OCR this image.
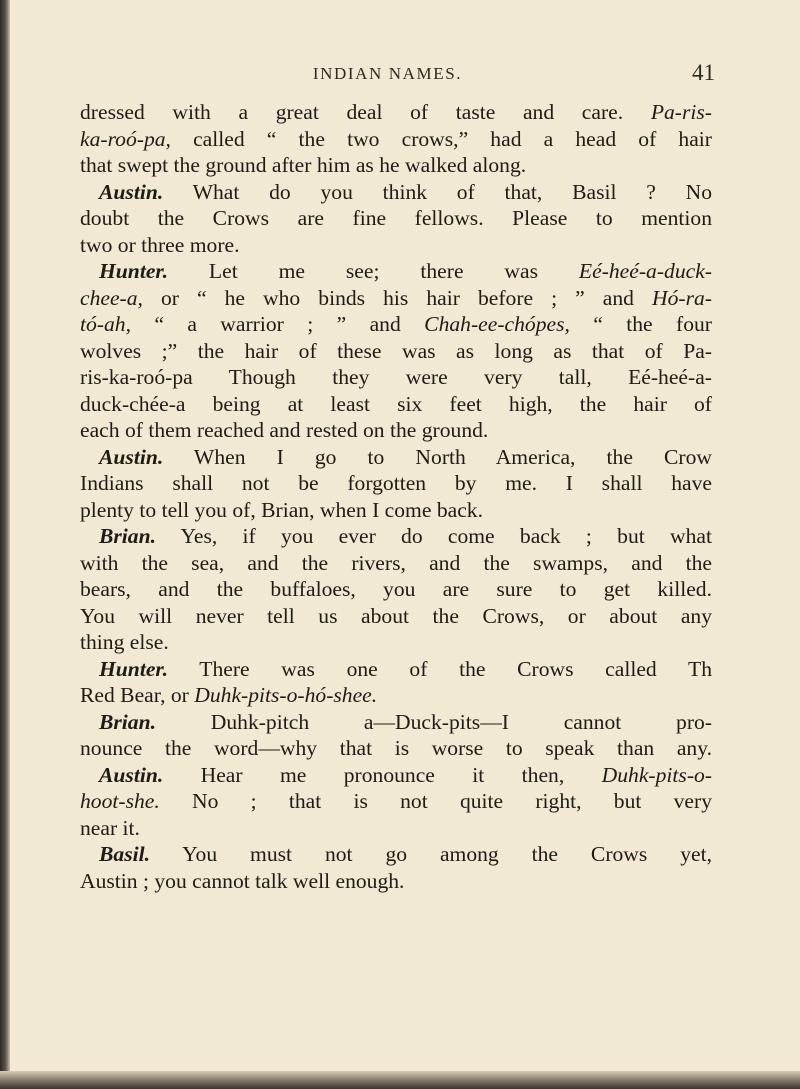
INDIAN NAMES.	41
dressed with a great deal of taste and care. Pa-ris-
ka-roó-pa, called “ the two crows,” had a head of hair
that swept the ground after him as he walked along.
Austin. What do you think of that, Basil ? No
doubt the Crows are fine fellows. Please to mention
two or three more.
Hunter. Let me see; there was Eé-heé-a-duck-
chee-a, or “ he who binds his hair before ; ” and Hó-ra-
tó-ah, “ a warrior ; ” and Chah-ee-chópes, “ the four
wolves ;” the hair of these was as long as that of Pa-
ris-ka-roó-pa Though they were very tall, Eé-heé-a-
duck-chée-a being at least six feet high, the hair of
each of them reached and rested on the ground.
Austin. When I go to North America, the Crow
Indians shall not be forgotten by me. I shall have
plenty to tell you of, Brian, when I come back.
Brian. Yes, if you ever do come back ; but what
with the sea, and the rivers, and the swamps, and the
bears, and the buffaloes, you are sure to get killed.
You will never tell us about the Crows, or about any
thing else.
Hunter. There was one of the Crows called Th
Red Bear, or Duhk-pits-o-hó-shee.
Brian. Duhk-pitch a—Duck-pits—I cannot pro-
nounce the word—why that is worse to speak than any.
Austin. Hear me pronounce it then, Duhk-pits-o-
hoot-she. No ; that is not quite right, but very
near it.
Basil. You must not go among the Crows yet,
Austin ; you cannot talk well enough.
